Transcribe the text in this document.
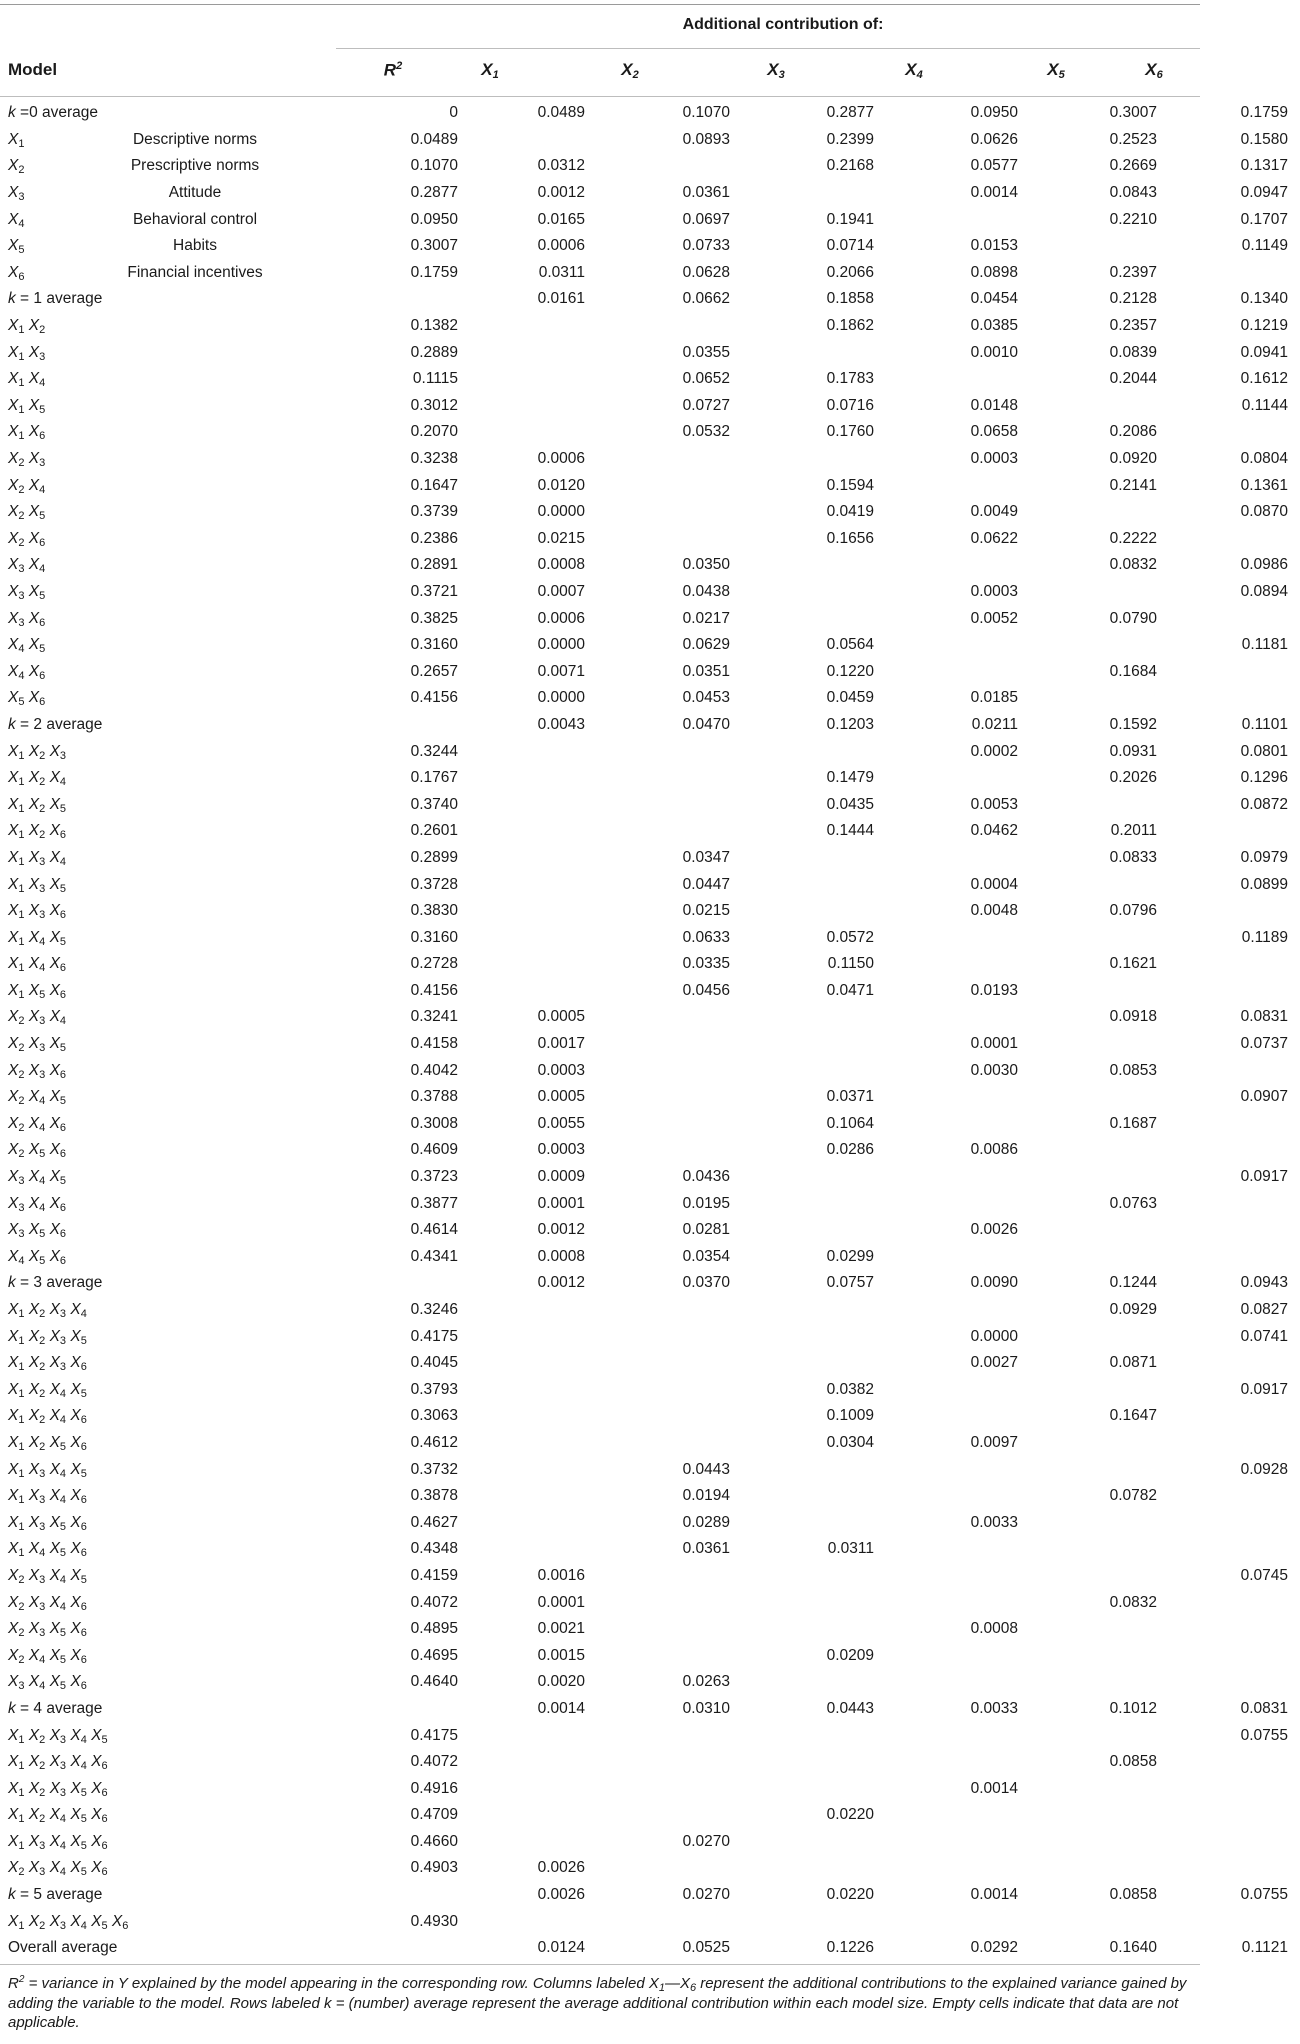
Additional contribution of:
Model	$R^2$	$X_1$	$X_2$	$X_3$	$X_4$	$X_5$	$X_6$
k =0 average	0	0.0489	0.1070	0.2877	0.0950	0.3007	0.1759
$X_1$ Descriptive norms	0.0489		0.0893	0.2399	0.0626	0.2523	0.1580
$X_2$ Prescriptive norms	0.1070	0.0312		0.2168	0.0577	0.2669	0.1317
$X_3$ Attitude	0.2877	0.0012	0.0361		0.0014	0.0843	0.0947
$X_4$ Behavioral control	0.0950	0.0165	0.0697	0.1941		0.2210	0.1707
$X_5$ Habits	0.3007	0.0006	0.0733	0.0714	0.0153		0.1149
$X_6$ Financial incentives	0.1759	0.0311	0.0628	0.2066	0.0898	0.2397	
k = 1 average		0.0161	0.0662	0.1858	0.0454	0.2128	0.1340
$X_1$ $X_2$	0.1382			0.1862	0.0385	0.2357	0.1219
$X_1$ $X_3$	0.2889		0.0355		0.0010	0.0839	0.0941
$X_1$ $X_4$	0.1115		0.0652	0.1783		0.2044	0.1612
$X_1$ $X_5$	0.3012		0.0727	0.0716	0.0148		0.1144
$X_1$ $X_6$	0.2070		0.0532	0.1760	0.0658	0.2086	
$X_2$ $X_3$	0.3238	0.0006			0.0003	0.0920	0.0804
$X_2$ $X_4$	0.1647	0.0120		0.1594		0.2141	0.1361
$X_2$ $X_5$	0.3739	0.0000		0.0419	0.0049		0.0870
$X_2$ $X_6$	0.2386	0.0215		0.1656	0.0622	0.2222	
$X_3$ $X_4$	0.2891	0.0008	0.0350			0.0832	0.0986
$X_3$ $X_5$	0.3721	0.0007	0.0438		0.0003		0.0894
$X_3$ $X_6$	0.3825	0.0006	0.0217		0.0052	0.0790	
$X_4$ $X_5$	0.3160	0.0000	0.0629	0.0564			0.1181
$X_4$ $X_6$	0.2657	0.0071	0.0351	0.1220		0.1684	
$X_5$ $X_6$	0.4156	0.0000	0.0453	0.0459	0.0185		
k = 2 average		0.0043	0.0470	0.1203	0.0211	0.1592	0.1101
$X_1$ $X_2$ $X_3$	0.3244				0.0002	0.0931	0.0801
$X_1$ $X_2$ $X_4$	0.1767			0.1479		0.2026	0.1296
$X_1$ $X_2$ $X_5$	0.3740			0.0435	0.0053		0.0872
$X_1$ $X_2$ $X_6$	0.2601			0.1444	0.0462	0.2011	
$X_1$ $X_3$ $X_4$	0.2899		0.0347			0.0833	0.0979
$X_1$ $X_3$ $X_5$	0.3728		0.0447		0.0004		0.0899
$X_1$ $X_3$ $X_6$	0.3830		0.0215		0.0048	0.0796	
$X_1$ $X_4$ $X_5$	0.3160		0.0633	0.0572			0.1189
$X_1$ $X_4$ $X_6$	0.2728		0.0335	0.1150		0.1621	
$X_1$ $X_5$ $X_6$	0.4156		0.0456	0.0471	0.0193		
$X_2$ $X_3$ $X_4$	0.3241	0.0005				0.0918	0.0831
$X_2$ $X_3$ $X_5$	0.4158	0.0017			0.0001		0.0737
$X_2$ $X_3$ $X_6$	0.4042	0.0003			0.0030	0.0853	
$X_2$ $X_4$ $X_5$	0.3788	0.0005		0.0371			0.0907
$X_2$ $X_4$ $X_6$	0.3008	0.0055		0.1064		0.1687	
$X_2$ $X_5$ $X_6$	0.4609	0.0003		0.0286	0.0086		
$X_3$ $X_4$ $X_5$	0.3723	0.0009	0.0436				0.0917
$X_3$ $X_4$ $X_6$	0.3877	0.0001	0.0195			0.0763	
$X_3$ $X_5$ $X_6$	0.4614	0.0012	0.0281		0.0026		
$X_4$ $X_5$ $X_6$	0.4341	0.0008	0.0354	0.0299			
k = 3 average		0.0012	0.0370	0.0757	0.0090	0.1244	0.0943
$X_1$ $X_2$ $X_3$ $X_4$	0.3246					0.0929	0.0827
$X_1$ $X_2$ $X_3$ $X_5$	0.4175				0.0000		0.0741
$X_1$ $X_2$ $X_3$ $X_6$	0.4045				0.0027	0.0871	
$X_1$ $X_2$ $X_4$ $X_5$	0.3793			0.0382			0.0917
$X_1$ $X_2$ $X_4$ $X_6$	0.3063			0.1009		0.1647	
$X_1$ $X_2$ $X_5$ $X_6$	0.4612			0.0304	0.0097		
$X_1$ $X_3$ $X_4$ $X_5$	0.3732		0.0443				0.0928
$X_1$ $X_3$ $X_4$ $X_6$	0.3878		0.0194			0.0782	
$X_1$ $X_3$ $X_5$ $X_6$	0.4627		0.0289		0.0033		
$X_1$ $X_4$ $X_5$ $X_6$	0.4348		0.0361	0.0311			
$X_2$ $X_3$ $X_4$ $X_5$	0.4159	0.0016					0.0745
$X_2$ $X_3$ $X_4$ $X_6$	0.4072	0.0001				0.0832	
$X_2$ $X_3$ $X_5$ $X_6$	0.4895	0.0021			0.0008		
$X_2$ $X_4$ $X_5$ $X_6$	0.4695	0.0015		0.0209			
$X_3$ $X_4$ $X_5$ $X_6$	0.4640	0.0020	0.0263				
k = 4 average		0.0014	0.0310	0.0443	0.0033	0.1012	0.0831
$X_1$ $X_2$ $X_3$ $X_4$ $X_5$	0.4175						0.0755
$X_1$ $X_2$ $X_3$ $X_4$ $X_6$	0.4072					0.0858	
$X_1$ $X_2$ $X_3$ $X_5$ $X_6$	0.4916				0.0014		
$X_1$ $X_2$ $X_4$ $X_5$ $X_6$	0.4709			0.0220			
$X_1$ $X_3$ $X_4$ $X_5$ $X_6$	0.4660		0.0270				
$X_2$ $X_3$ $X_4$ $X_5$ $X_6$	0.4903	0.0026					
k = 5 average		0.0026	0.0270	0.0220	0.0014	0.0858	0.0755
$X_1$ $X_2$ $X_3$ $X_4$ $X_5$ $X_6$	0.4930						
Overall average		0.0124	0.0525	0.1226	0.0292	0.1640	0.1121
$R^2$ = variance in Y explained by the model appearing in the corresponding row. Columns labeled $X_1—X_6$ represent the additional contributions to the explained variance gained by adding the variable to the model. Rows labeled k = (number) average represent the average additional contribution within each model size. Empty cells indicate that data are not applicable.
